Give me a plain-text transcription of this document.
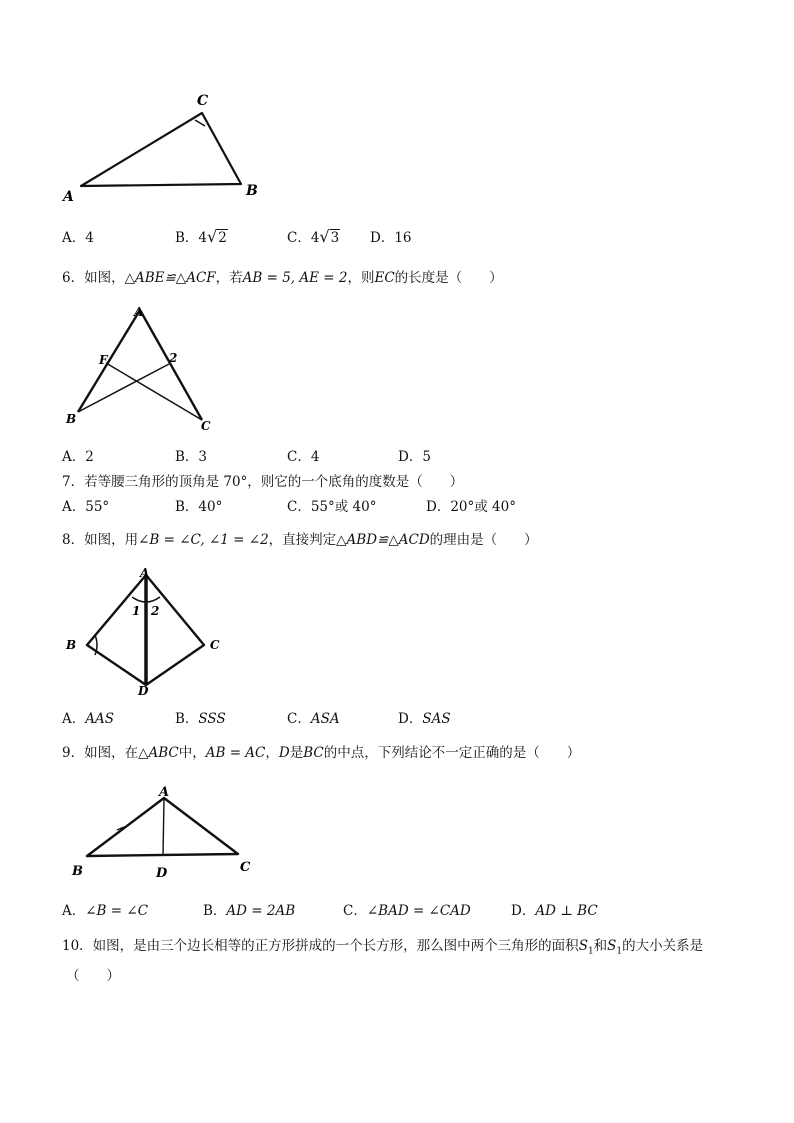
C
A	B
A．4	B．4√2	C．4√3 D．16
6．如图，△ABE≌△ACF，若AB = 5, AE = 2，则EC的长度是（　　）
A
F	2
B	C
A．2	B．3	C．4	D．5
7．若等腰三角形的顶角是 70°，则它的一个底角的度数是（　　）
A．55°	B．40°	C．55°或 40°	D．20°或 40°
8．如图，用∠B = ∠C, ∠1 = ∠2，直接判定△ABD≌△ACD的理由是（　　）
A
B	C
D
1 2
A．AAS	B．SSS	C．ASA	D．SAS
9．如图，在△ABC中，AB = AC，D是BC的中点，下列结论不一定正确的是（　　）
A
B	C
D
A．∠B = ∠C	B．AD = 2AB	C．∠BAD = ∠CAD	D．AD ⊥ BC
10．如图，是由三个边长相等的正方形拼成的一个长方形，那么图中两个三角形的面积$S_1$和$S_1$的大小关系是
（　　）
